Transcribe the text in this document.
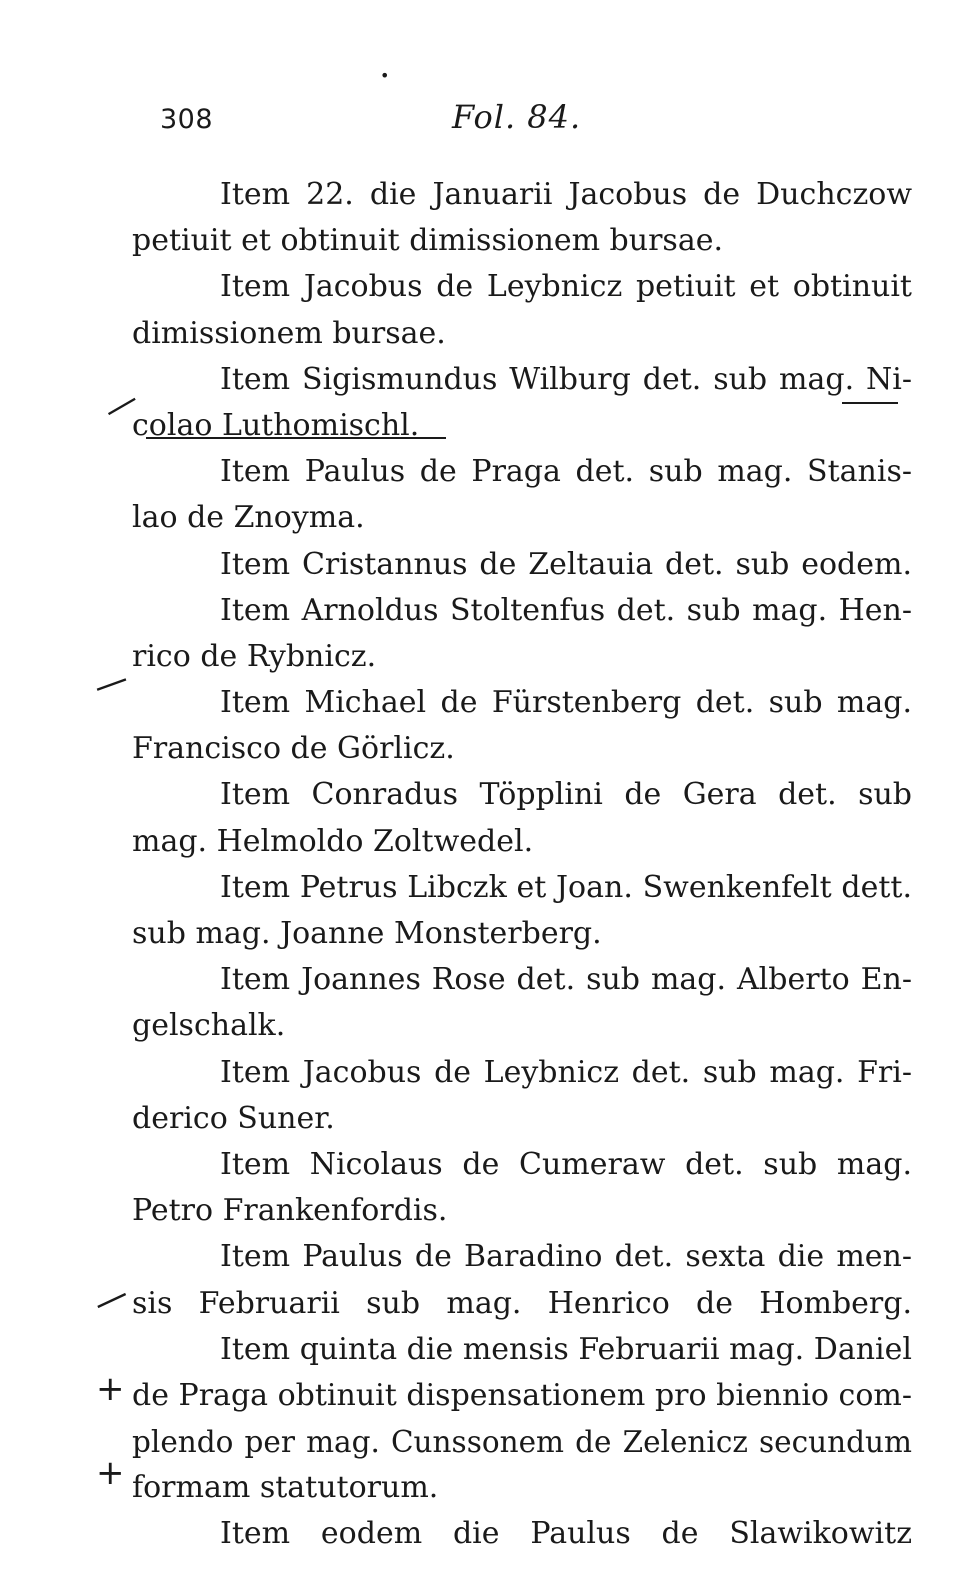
•
308	Fol. 84.
—
—
—
+
+
Item 22. die Januarii Jacobus de Duchczow
petiuit et obtinuit dimissionem bursae.
Item Jacobus de Leybnicz petiuit et obtinuit
dimissionem bursae.
Item Sigismundus Wilburg det. sub mag. Ni-
colao Luthomischl.
Item Paulus de Praga det. sub mag. Stanis-
lao de Znoyma.
Item Cristannus de Zeltauia det. sub eodem.
Item Arnoldus Stoltenfus det. sub mag. Hen-
rico de Rybnicz.
Item Michael de Fürstenberg det. sub mag.
Francisco de Görlicz.
Item Conradus Töpplini de Gera det. sub
mag. Helmoldo Zoltwedel.
Item Petrus Libczk et Joan. Swenkenfelt dett.
sub mag. Joanne Monsterberg.
Item Joannes Rose det. sub mag. Alberto En-
gelschalk.
Item Jacobus de Leybnicz det. sub mag. Fri-
derico Suner.
Item Nicolaus de Cumeraw det. sub mag.
Petro Frankenfordis.
Item Paulus de Baradino det. sexta die men-
sis Februarii sub mag. Henrico de Homberg.
Item quinta die mensis Februarii mag. Daniel
de Praga obtinuit dispensationem pro biennio com-
plendo per mag. Cunssonem de Zelenicz secundum
formam statutorum.
Item eodem die Paulus de Slawikowitz
